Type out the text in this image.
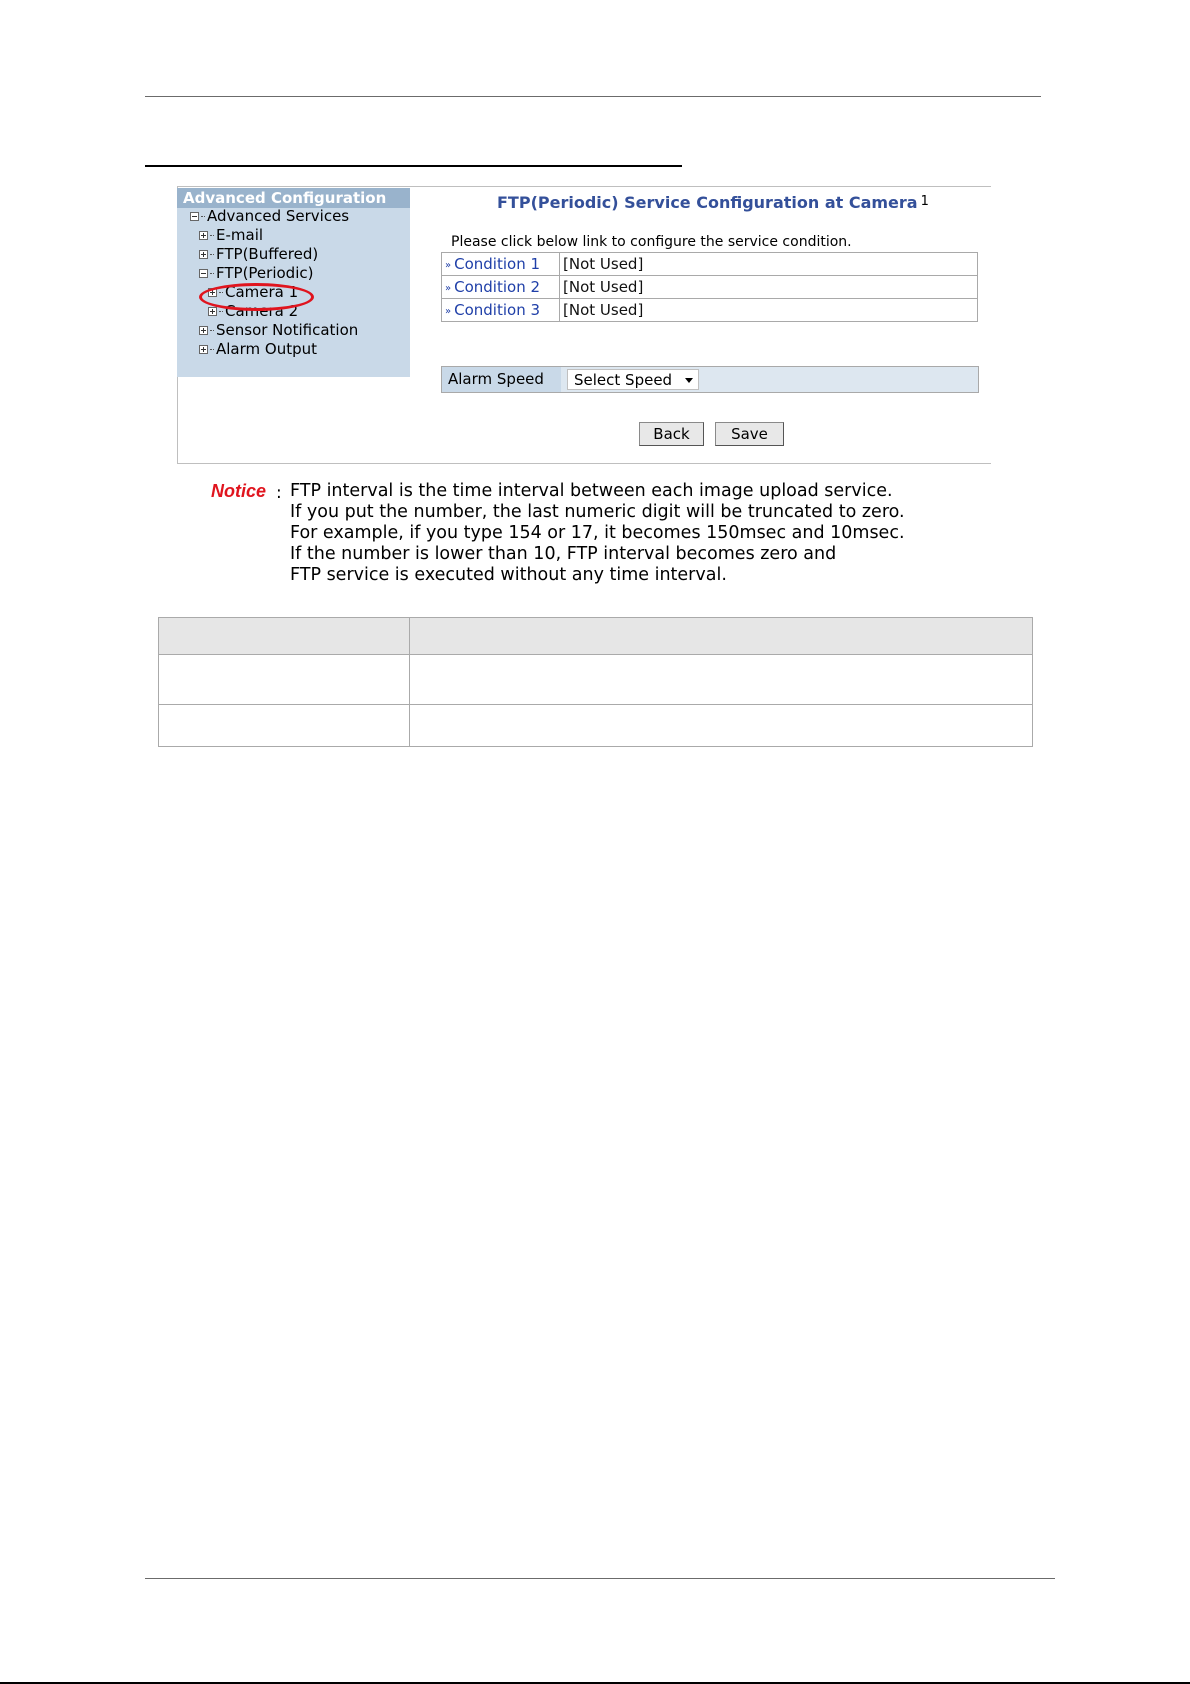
Advanced Configuration
Advanced Services
E-mail
FTP(Buffered)
FTP(Periodic)
Camera 1
Camera 2
Sensor Notification
Alarm Output
FTP(Periodic) Service Configuration at Camera $^1$
Please click below link to configure the service condition.
» Condition 1	[Not Used]
» Condition 2	[Not Used]
» Condition 3	[Not Used]
Alarm Speed	Select Speed
Back	Save
Notice : FTP interval is the time interval between each image upload service.
If you put the number, the last numeric digit will be truncated to zero.
For example, if you type 154 or 17, it becomes 150msec and 10msec.
If the number is lower than 10, FTP interval becomes zero and
FTP service is executed without any time interval.
